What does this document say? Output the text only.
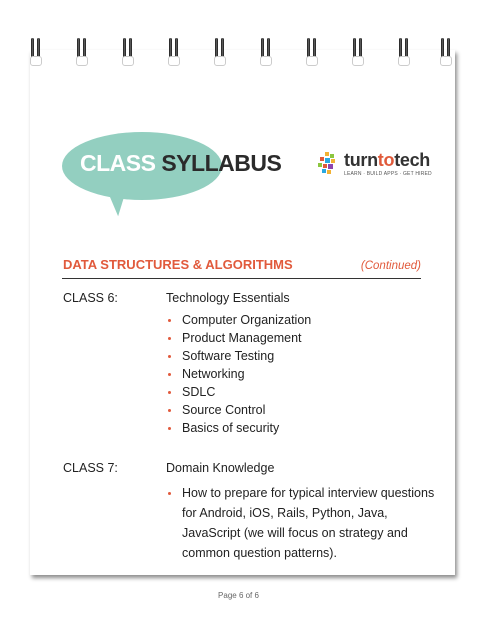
CLASS SYLLABUS	turntotech
LEARN · BUILD APPS · GET HIRED
DATA STRUCTURES & ALGORITHMS	(Continued)
CLASS 6:	Technology Essentials
Computer Organization
Product Management
Software Testing
Networking
SDLC
Source Control
Basics of security
CLASS 7:	Domain Knowledge
How to prepare for typical interview questions for Android, iOS, Rails, Python, Java, JavaScript (we will focus on strategy and common question patterns).
Page 6 of 6
